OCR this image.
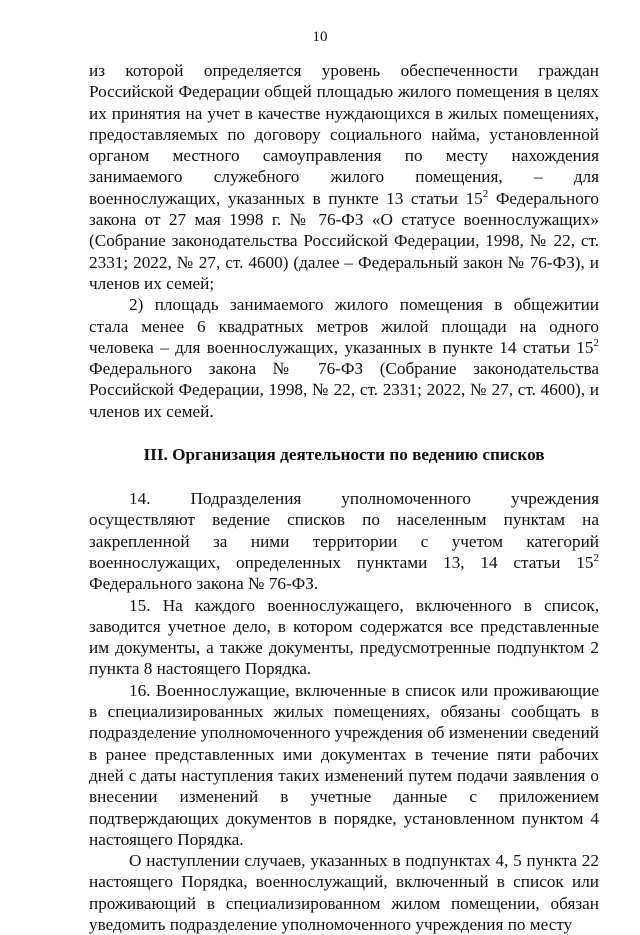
10

из которой определяется уровень обеспеченности граждан Российской Федерации общей площадью жилого помещения в целях их принятия на учет в качестве нуждающихся в жилых помещениях, предоставляемых по договору социального найма, установленной органом местного самоуправления по месту нахождения занимаемого служебного жилого помещения, – для военнослужащих, указанных в пункте 13 статьи $15^2$ Федерального закона от 27 мая 1998 г. № 76-ФЗ «О статусе военнослужащих» (Собрание законодательства Российской Федерации, 1998, № 22, ст. 2331; 2022, № 27, ст. 4600) (далее – Федеральный закон № 76-ФЗ), и членов их семей;

2) площадь занимаемого жилого помещения в общежитии стала менее 6 квадратных метров жилой площади на одного человека – для военнослужащих, указанных в пункте 14 статьи $15^2$ Федерального закона № 76-ФЗ (Собрание законодательства Российской Федерации, 1998, № 22, ст. 2331; 2022, № 27, ст. 4600), и членов их семей.

III. Организация деятельности по ведению списков

14. Подразделения уполномоченного учреждения осуществляют ведение списков по населенным пунктам на закрепленной за ними территории с учетом категорий военнослужащих, определенных пунктами 13, 14 статьи $15^2$ Федерального закона № 76-ФЗ.

15. На каждого военнослужащего, включенного в список, заводится учетное дело, в котором содержатся все представленные им документы, а также документы, предусмотренные подпунктом 2 пункта 8 настоящего Порядка.

16. Военнослужащие, включенные в список или проживающие в специализированных жилых помещениях, обязаны сообщать в подразделение уполномоченного учреждения об изменении сведений в ранее представленных ими документах в течение пяти рабочих дней с даты наступления таких изменений путем подачи заявления о внесении изменений в учетные данные с приложением подтверждающих документов в порядке, установленном пунктом 4 настоящего Порядка.

О наступлении случаев, указанных в подпунктах 4, 5 пункта 22 настоящего Порядка, военнослужащий, включенный в список или проживающий в специализированном жилом помещении, обязан уведомить подразделение уполномоченного учреждения по месту
